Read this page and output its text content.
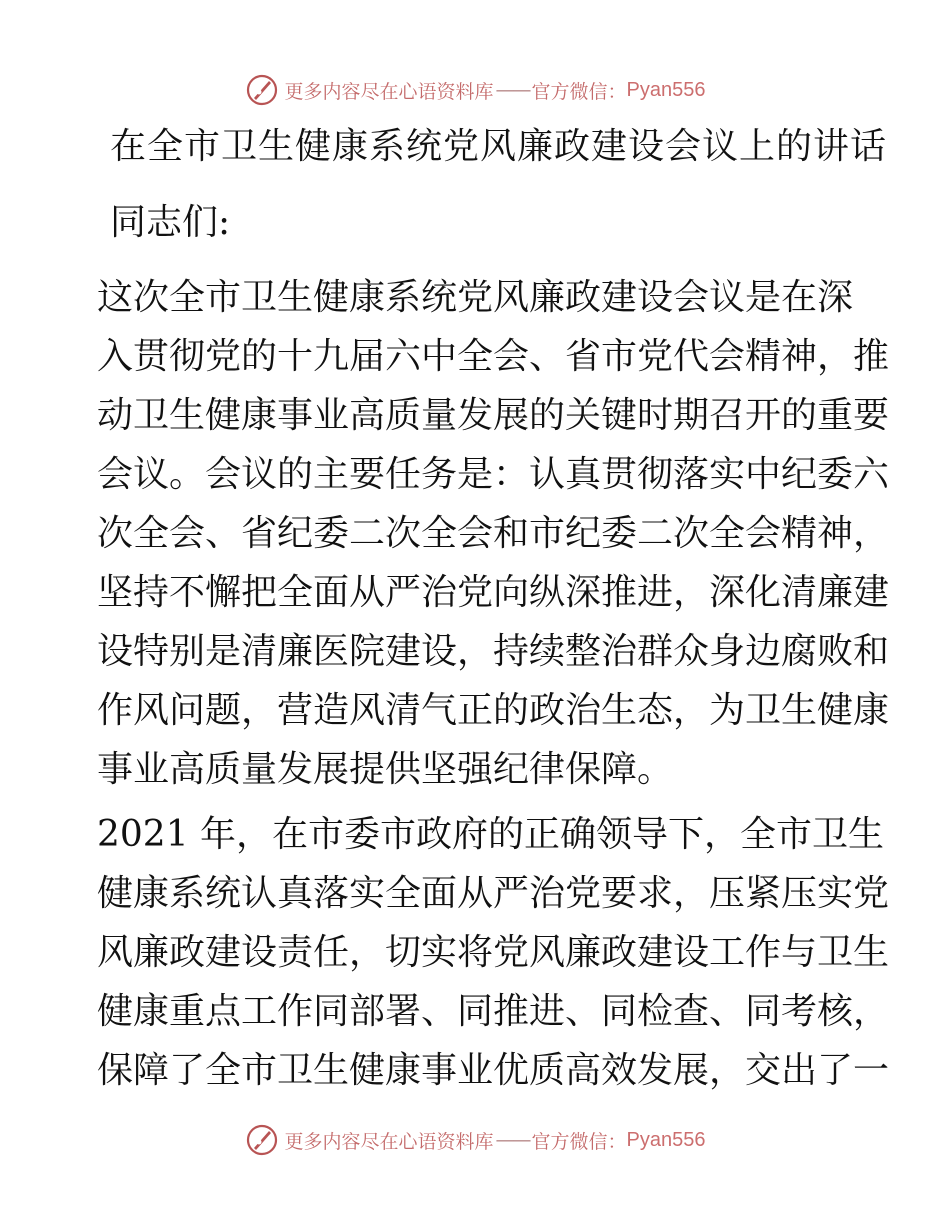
更多内容尽在心语资料库 —— 官方微信： Pyan556
在全市卫生健康系统党风廉政建设会议上的讲话
同志们:
这次全市卫生健康系统党风廉政建设会议是在深
入贯彻党的十九届六中全会、省市党代会精神，推
动卫生健康事业高质量发展的关键时期召开的重要
会议。会议的主要任务是：认真贯彻落实中纪委六
次全会、省纪委二次全会和市纪委二次全会精神，
坚持不懈把全面从严治党向纵深推进，深化清廉建
设特别是清廉医院建设，持续整治群众身边腐败和
作风问题，营造风清气正的政治生态，为卫生健康
事业高质量发展提供坚强纪律保障。
2021 年，在市委市政府的正确领导下，全市卫生
健康系统认真落实全面从严治党要求，压紧压实党
风廉政建设责任，切实将党风廉政建设工作与卫生
健康重点工作同部署、同推进、同检查、同考核，
保障了全市卫生健康事业优质高效发展，交出了一
更多内容尽在心语资料库 —— 官方微信： Pyan556
